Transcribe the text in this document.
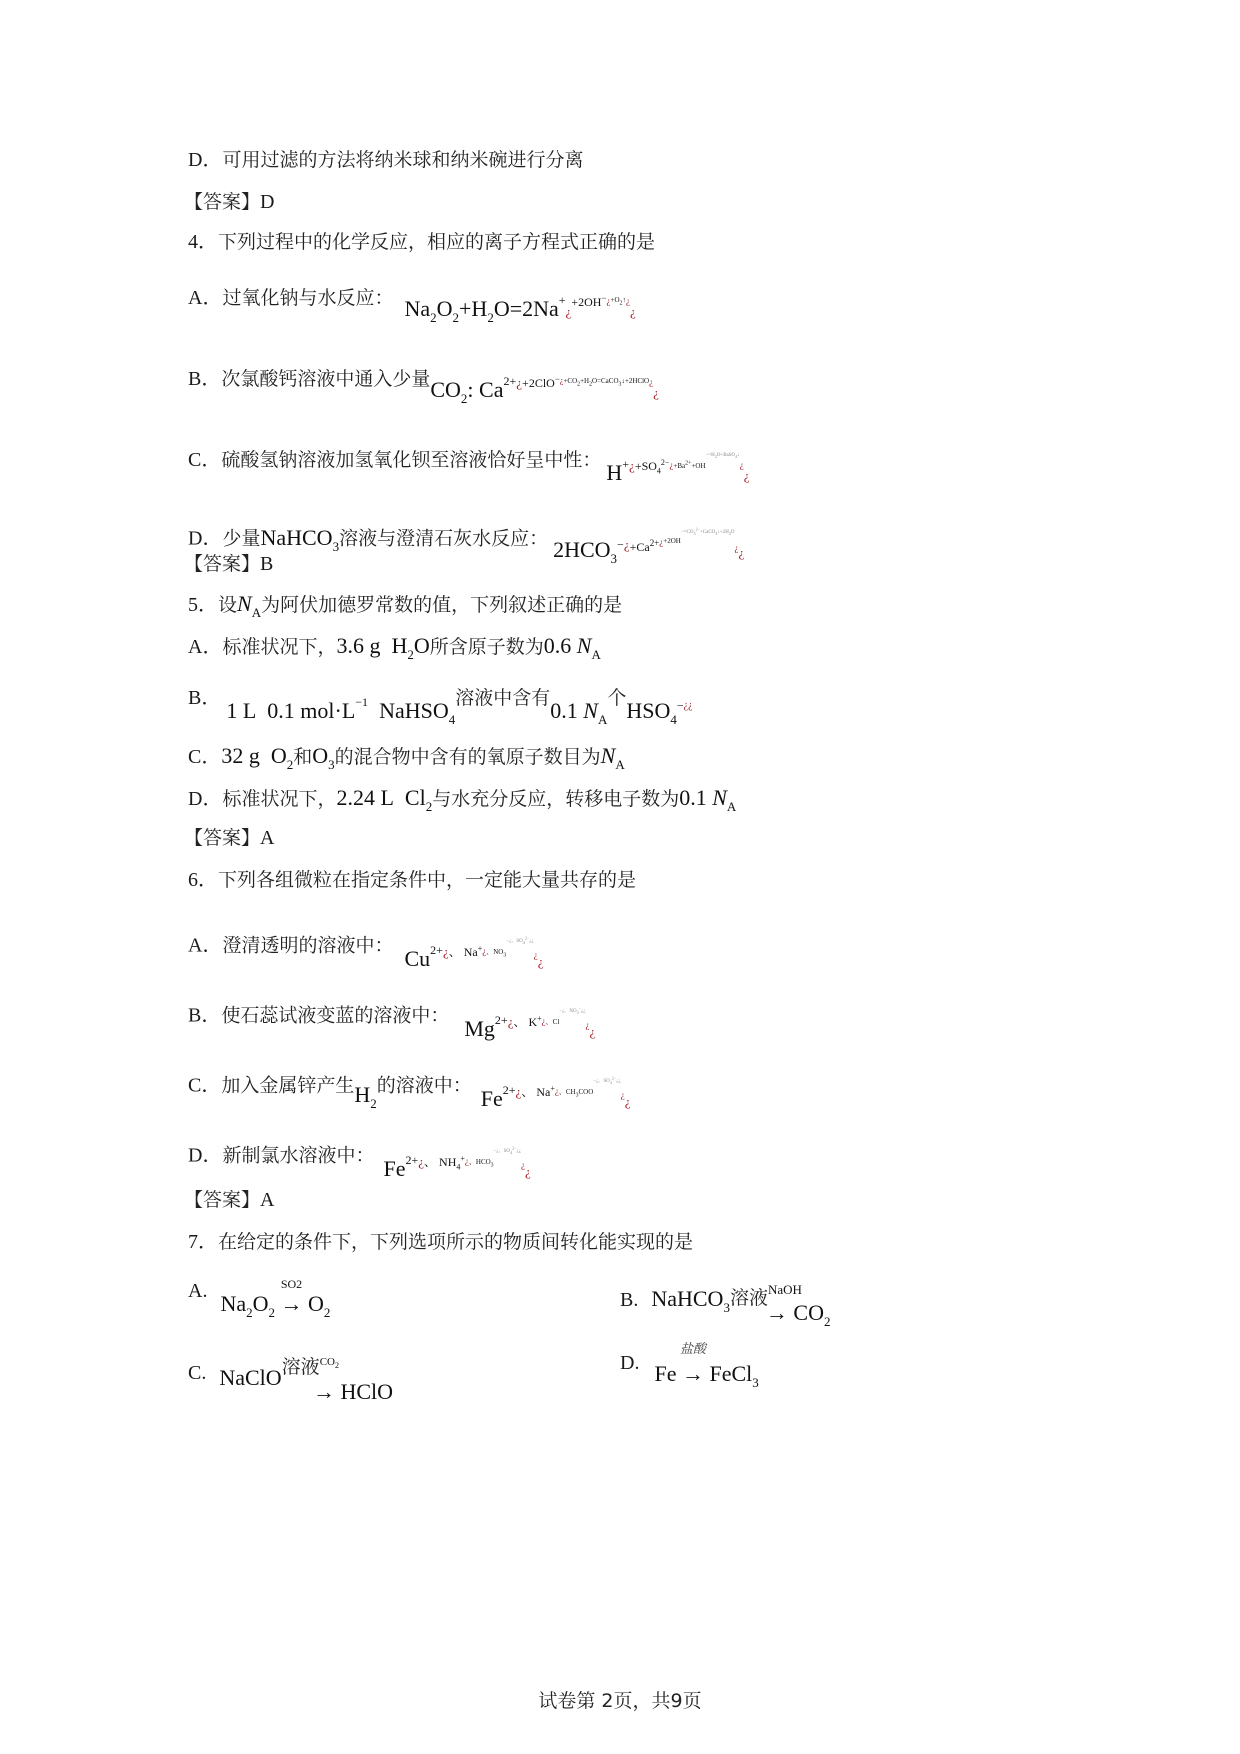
D．可用过滤的方法将纳米球和纳米碗进行分离
【答案】D
4．下列过程中的化学反应，相应的离子方程式正确的是
A．过氧化钠与水反应： $Na_2O_2+H_2O=2Na^+¿^{+2OH^-¿+O_2↑¿}¿$
B．次氯酸钙溶液中通入少量$CO_2$: $Ca^{2+¿+2ClO^-¿+CO_2+H_2O=CaCO_3↓+2HClO¿}¿$
C．硫酸氢钠溶液加氢氧化钡至溶液恰好呈中性： $H^{+¿+SO_4^{2-}¿+Ba^{2+}+OH-=H_2O+BaSO_4↓¿}¿$
D．少量NaHCO$_3$溶液与澄清石灰水反应： $2HCO_3^{-¿+Ca^{2+}¿+2OH-=CO_3^{2-}+CaCO_3↓+2H_2O¿}¿$
【答案】B
5．设$N_A$为阿伏加德罗常数的值，下列叙述正确的是
A．标准状况下，3.6 g  $H_2O$所含原子数为0.6 $N_A$
B． 1 L  0.1 $mol\cdot L^{-1}$  NaHSO$_4$溶液中含有0.1 $N_A$个$HSO_4^{-¿¿}$
C．32 g  $O_2$和$O_3$的混合物中含有的氧原子数目为$N_A$
D．标准状况下，2.24 L  $Cl_2$与水充分反应，转移电子数为0.1 $N_A$
【答案】A
6．下列各组微粒在指定条件中，一定能大量共存的是
A．澄清透明的溶液中： $Cu^{2+¿、 Na^+¿、NO_3-¿、SO_4^{2-}¿¿¿}¿$
B．使石蕊试液变蓝的溶液中： $Mg^{2+¿、 K^+¿、Cl-¿、NO_3^-¿¿¿}¿$
C．加入金属锌产生$H_2$的溶液中： $Fe^{2+¿、 Na^+¿、CH_3COO-¿、SO_4^{2-}¿¿¿}¿$
D．新制氯水溶液中： $Fe^{2+¿、 NH_4^+¿、HCO_3-¿、SO_4^{2-}¿¿¿}¿$
【答案】A
7．在给定的条件下，下列选项所示的物质间转化能实现的是
A. $Na_2O_2$
SO2
→ $O_2$
B. NaHCO$_3$溶液$^{NaOH}\to CO_2$
C. NaClO溶液$^{CO_2}$→ HClO
D. Fe
盐酸
→ FeCl$_3$
试卷第 2页，共9页
